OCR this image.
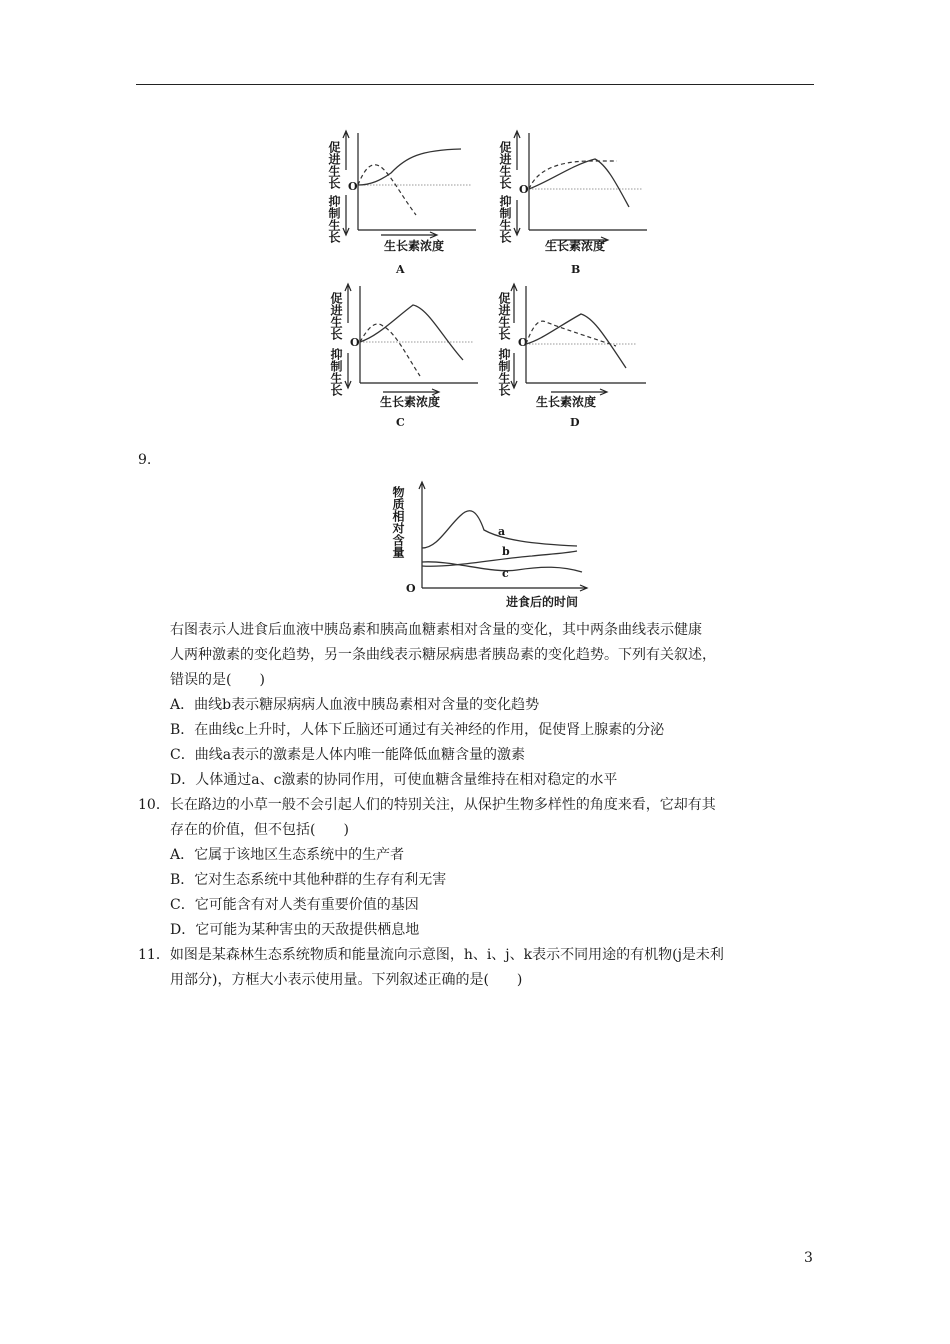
促进生长
抑制生长
O
生长素浓度
A
促进生长
抑制生长
O
生长素浓度
B
促进生长
抑制生长
O
生长素浓度
C
促进生长
抑制生长
O
生长素浓度
D
9.
物质相对含量
O
a
b
c
进食后的时间
右图表示人进食后血液中胰岛素和胰高血糖素相对含量的变化，其中两条曲线表示健康
人两种激素的变化趋势，另一条曲线表示糖尿病患者胰岛素的变化趋势。下列有关叙述，
错误的是(　　)
A．曲线b表示糖尿病病人血液中胰岛素相对含量的变化趋势
B．在曲线c上升时，人体下丘脑还可通过有关神经的作用，促使肾上腺素的分泌
C．曲线a表示的激素是人体内唯一能降低血糖含量的激素
D．人体通过a、c激素的协同作用，可使血糖含量维持在相对稳定的水平
10．长在路边的小草一般不会引起人们的特别关注，从保护生物多样性的角度来看，它却有其
存在的价值，但不包括(　　)
A．它属于该地区生态系统中的生产者
B．它对生态系统中其他种群的生存有利无害
C．它可能含有对人类有重要价值的基因
D．它可能为某种害虫的天敌提供栖息地
11．如图是某森林生态系统物质和能量流向示意图，h、i、j、k表示不同用途的有机物(j是未利
用部分)，方框大小表示使用量。下列叙述正确的是(　　)
3
